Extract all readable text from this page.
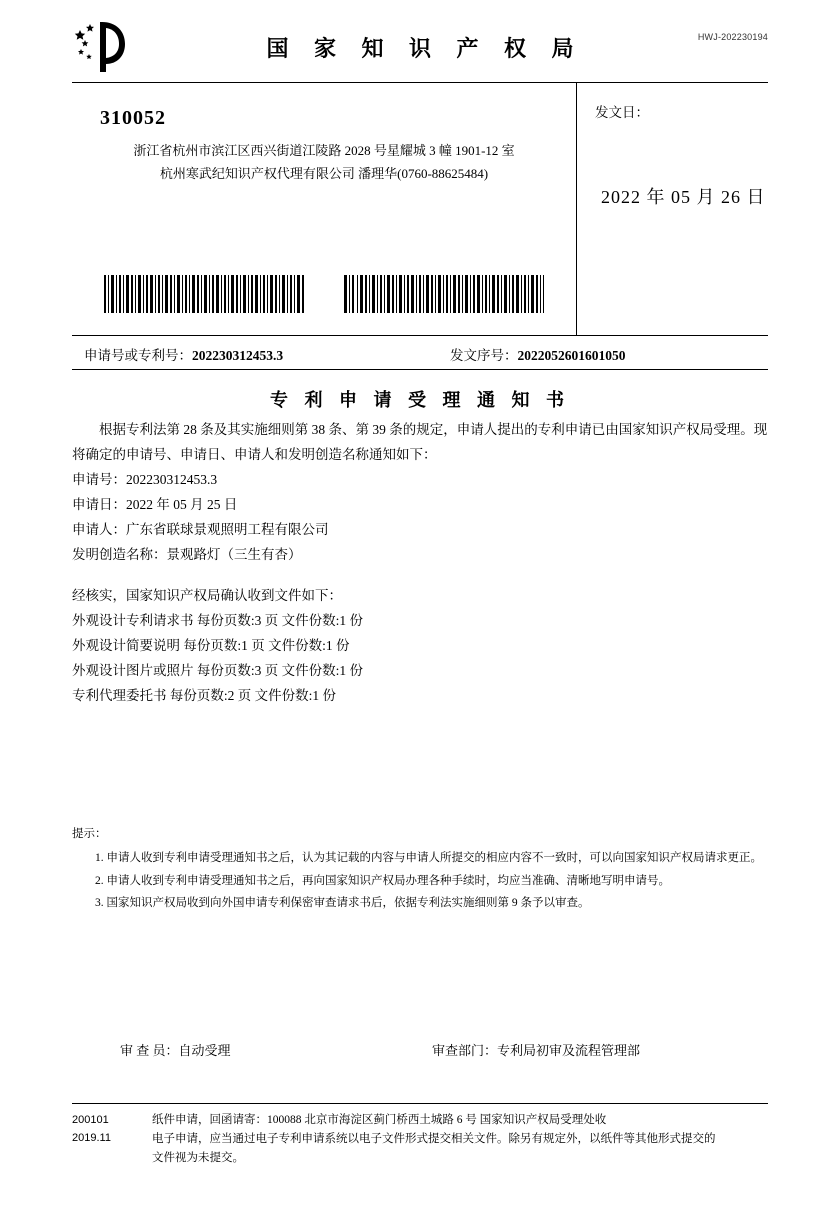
HWJ-202230194
国 家 知 识 产 权 局
310052
浙江省杭州市滨江区西兴街道江陵路 2028 号星耀城 3 幢 1901-12 室
杭州寒武纪知识产权代理有限公司 潘理华(0760-88625484)
发文日：
2022 年 05 月 26 日
申请号或专利号：202230312453.3	发文序号：2022052601601050
专 利 申 请 受 理 通 知 书

根据专利法第 28 条及其实施细则第 38 条、第 39 条的规定，申请人提出的专利申请已由国家知识产权局受理。现将确定的申请号、申请日、申请人和发明创造名称通知如下：

申请号：202230312453.3

申请日：2022 年 05 月 25 日

申请人：广东省联球景观照明工程有限公司

发明创造名称：景观路灯（三生有杏）

经核实，国家知识产权局确认收到文件如下：

外观设计专利请求书 每份页数:3 页 文件份数:1 份

外观设计简要说明 每份页数:1 页 文件份数:1 份

外观设计图片或照片 每份页数:3 页 文件份数:1 份

专利代理委托书 每份页数:2 页 文件份数:1 份

提示：

1. 申请人收到专利申请受理通知书之后，认为其记载的内容与申请人所提交的相应内容不一致时，可以向国家知识产权局请求更正。

2. 申请人收到专利申请受理通知书之后，再向国家知识产权局办理各种手续时，均应当准确、清晰地写明申请号。

3. 国家知识产权局收到向外国申请专利保密审查请求书后，依据专利法实施细则第 9 条予以审查。

审 查 员：自动受理	审查部门：专利局初审及流程管理部
200101
2019.11

纸件申请，回函请寄：100088 北京市海淀区蓟门桥西土城路 6 号 国家知识产权局受理处收

电子申请，应当通过电子专利申请系统以电子文件形式提交相关文件。除另有规定外，以纸件等其他形式提交的

文件视为未提交。
